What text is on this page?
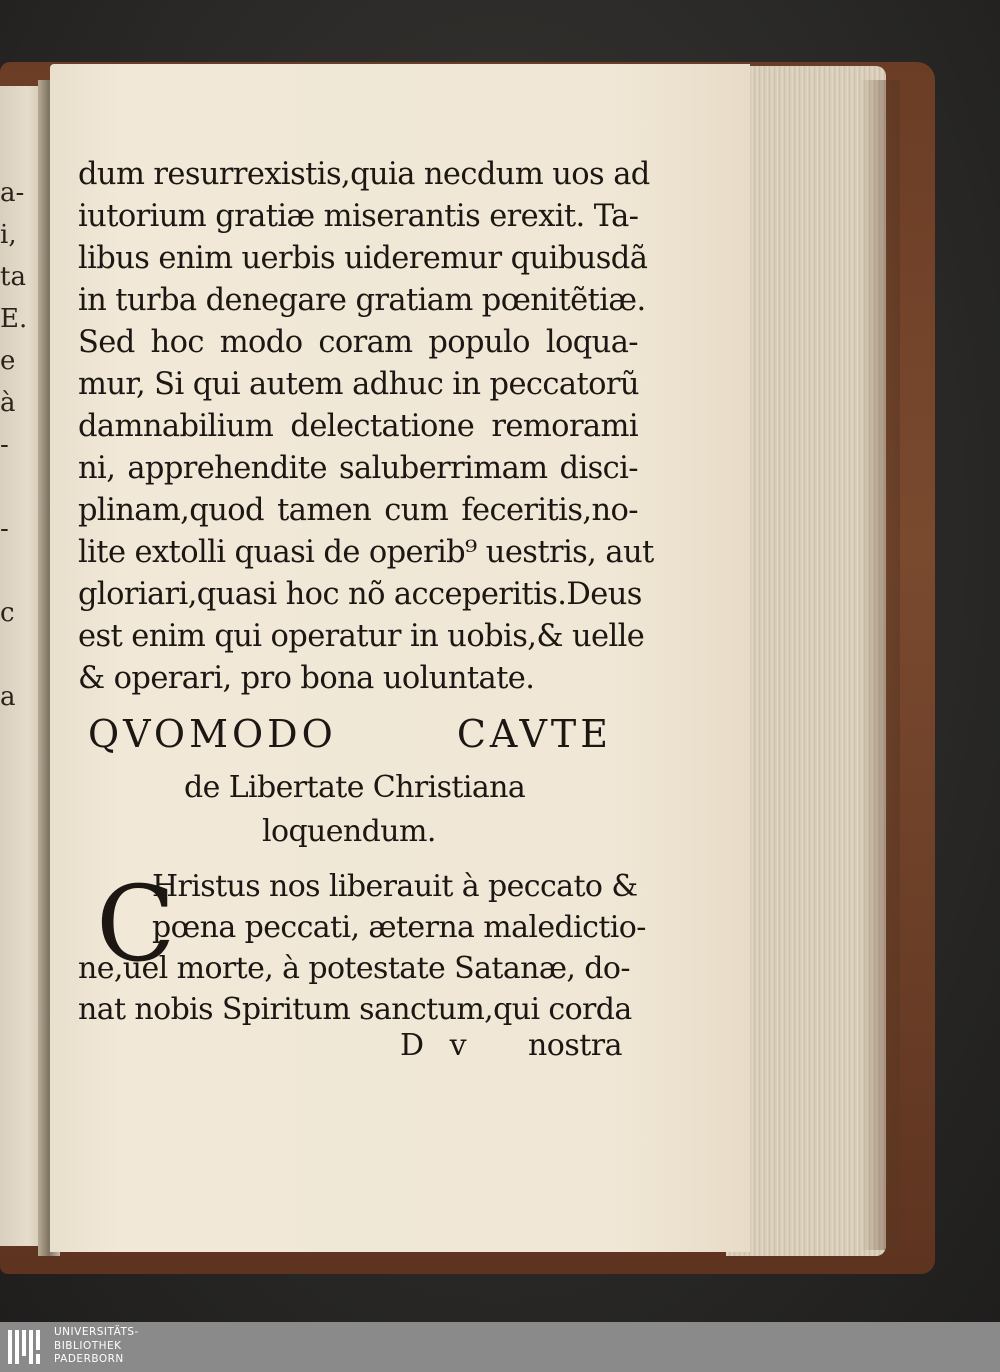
a-
i,
ta
E.
e
à
-
-
c
a
dum resurrexistis,quia necdum uos ad
iutorium gratiæ miserantis erexit. Ta-
libus enim uerbis uideremur quibusdã
in turba denegare gratiam pœnitẽtiæ.
Sed hoc modo coram populo loqua-
mur, Si qui autem adhuc in peccatorũ
damnabilium delectatione remorami
ni, apprehendite saluberrimam disci-
plinam,quod tamen cum feceritis,no-
lite extolli quasi de operib⁹ uestris, aut
gloriari,quasi hoc nõ acceperitis.Deus
est enim qui operatur in uobis,& uelle
& operari, pro bona uoluntate.
QVOMODO CAVTE
de Libertate Christiana
loquendum.
C
Hristus nos liberauit à peccato &
pœna peccati, æterna maledictio-
ne,uel morte, à potestate Satanæ, do-
nat nobis Spiritum sanctum,qui corda
D v nostra
UNIVERSITÄTS-
BIBLIOTHEK
PADERBORN
